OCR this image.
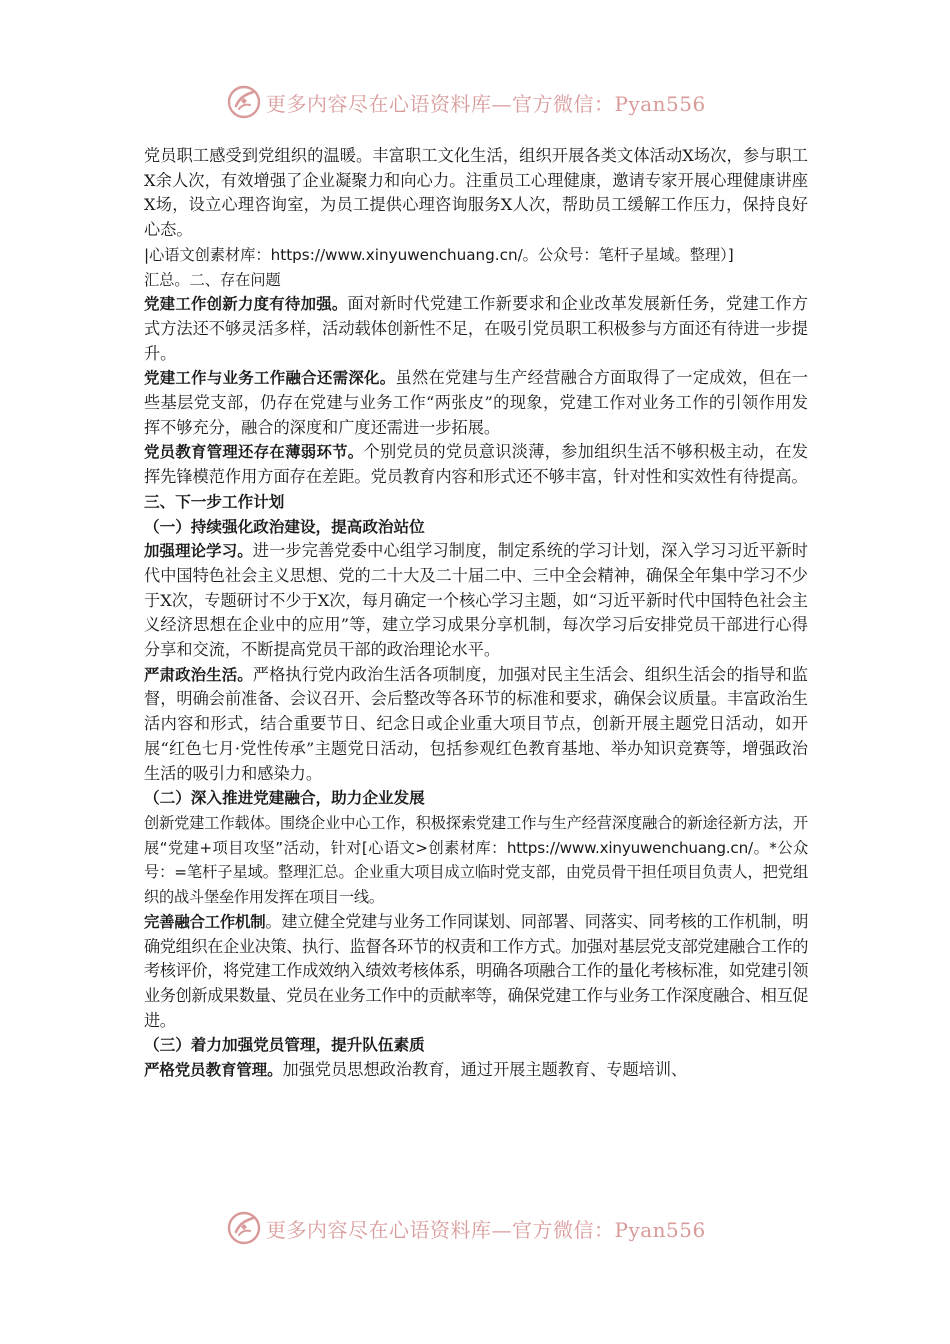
更多内容尽在心语资料库—官方微信：Pyan556

党员职工感受到党组织的温暖。丰富职工文化生活，组织开展各类文体活动X场次，参与职工X余人次，有效增强了企业凝聚力和向心力。注重员工心理健康，邀请专家开展心理健康讲座X场，设立心理咨询室，为员工提供心理咨询服务X人次，帮助员工缓解工作压力，保持良好心态。

|心语文创素材库：https://www.xinyuwenchuang.cn/。公众号：笔杆子星域。整理）]

汇总。二、存在问题

党建工作创新力度有待加强。面对新时代党建工作新要求和企业改革发展新任务，党建工作方式方法还不够灵活多样，活动载体创新性不足，在吸引党员职工积极参与方面还有待进一步提升。

党建工作与业务工作融合还需深化。虽然在党建与生产经营融合方面取得了一定成效，但在一些基层党支部，仍存在党建与业务工作“两张皮”的现象，党建工作对业务工作的引领作用发挥不够充分，融合的深度和广度还需进一步拓展。

党员教育管理还存在薄弱环节。个别党员的党员意识淡薄，参加组织生活不够积极主动，在发挥先锋模范作用方面存在差距。党员教育内容和形式还不够丰富，针对性和实效性有待提高。

三、下一步工作计划

（一）持续强化政治建设，提高政治站位

加强理论学习。进一步完善党委中心组学习制度，制定系统的学习计划，深入学习习近平新时代中国特色社会主义思想、党的二十大及二十届二中、三中全会精神，确保全年集中学习不少于X次，专题研讨不少于X次，每月确定一个核心学习主题，如“习近平新时代中国特色社会主义经济思想在企业中的应用”等，建立学习成果分享机制，每次学习后安排党员干部进行心得分享和交流，不断提高党员干部的政治理论水平。

严肃政治生活。严格执行党内政治生活各项制度，加强对民主生活会、组织生活会的指导和监督，明确会前准备、会议召开、会后整改等各环节的标准和要求，确保会议质量。丰富政治生活内容和形式，结合重要节日、纪念日或企业重大项目节点，创新开展主题党日活动，如开展“红色七月·党性传承”主题党日活动，包括参观红色教育基地、举办知识竞赛等，增强政治生活的吸引力和感染力。

（二）深入推进党建融合，助力企业发展

创新党建工作载体。围绕企业中心工作，积极探索党建工作与生产经营深度融合的新途径新方法，开展“党建+项目攻坚”活动，针对[心语文>创素材库：https://www.xinyuwenchuang.cn/。*公众号：=笔杆子星域。整理汇总。企业重大项目成立临时党支部，由党员骨干担任项目负责人，把党组织的战斗堡垒作用发挥在项目一线。

完善融合工作机制。建立健全党建与业务工作同谋划、同部署、同落实、同考核的工作机制，明确党组织在企业决策、执行、监督各环节的权责和工作方式。加强对基层党支部党建融合工作的考核评价，将党建工作成效纳入绩效考核体系，明确各项融合工作的量化考核标准，如党建引领业务创新成果数量、党员在业务工作中的贡献率等，确保党建工作与业务工作深度融合、相互促进。

（三）着力加强党员管理，提升队伍素质

严格党员教育管理。加强党员思想政治教育，通过开展主题教育、专题培训、

更多内容尽在心语资料库—官方微信：Pyan556
